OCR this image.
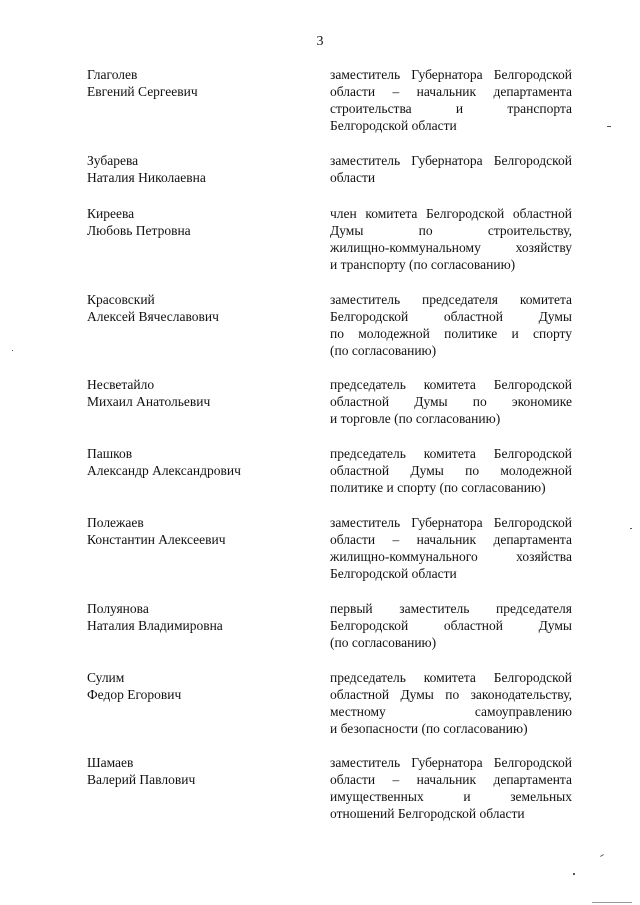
3
Глаголев
Евгений Сергеевич
заместитель Губернатора Белгородской
области – начальник департамента
строительства и транспорта
Белгородской области
Зубарева
Наталия Николаевна
заместитель Губернатора Белгородской
области
Киреева
Любовь Петровна
член комитета Белгородской областной
Думы по строительству,
жилищно-коммунальному хозяйству
и транспорту (по согласованию)
Красовский
Алексей Вячеславович
заместитель председателя комитета
Белгородской областной Думы
по молодежной политике и спорту
(по согласованию)
Несветайло
Михаил Анатольевич
председатель комитета Белгородской
областной Думы по экономике
и торговле (по согласованию)
Пашков
Александр Александрович
председатель комитета Белгородской
областной Думы по молодежной
политике и спорту (по согласованию)
Полежаев
Константин Алексеевич
заместитель Губернатора Белгородской
области – начальник департамента
жилищно-коммунального хозяйства
Белгородской области
Полуянова
Наталия Владимировна
первый заместитель председателя
Белгородской областной Думы
(по согласованию)
Сулим
Федор Егорович
председатель комитета Белгородской
областной Думы по законодательству,
местному самоуправлению
и безопасности (по согласованию)
Шамаев
Валерий Павлович
заместитель Губернатора Белгородской
области – начальник департамента
имущественных и земельных
отношений Белгородской области
